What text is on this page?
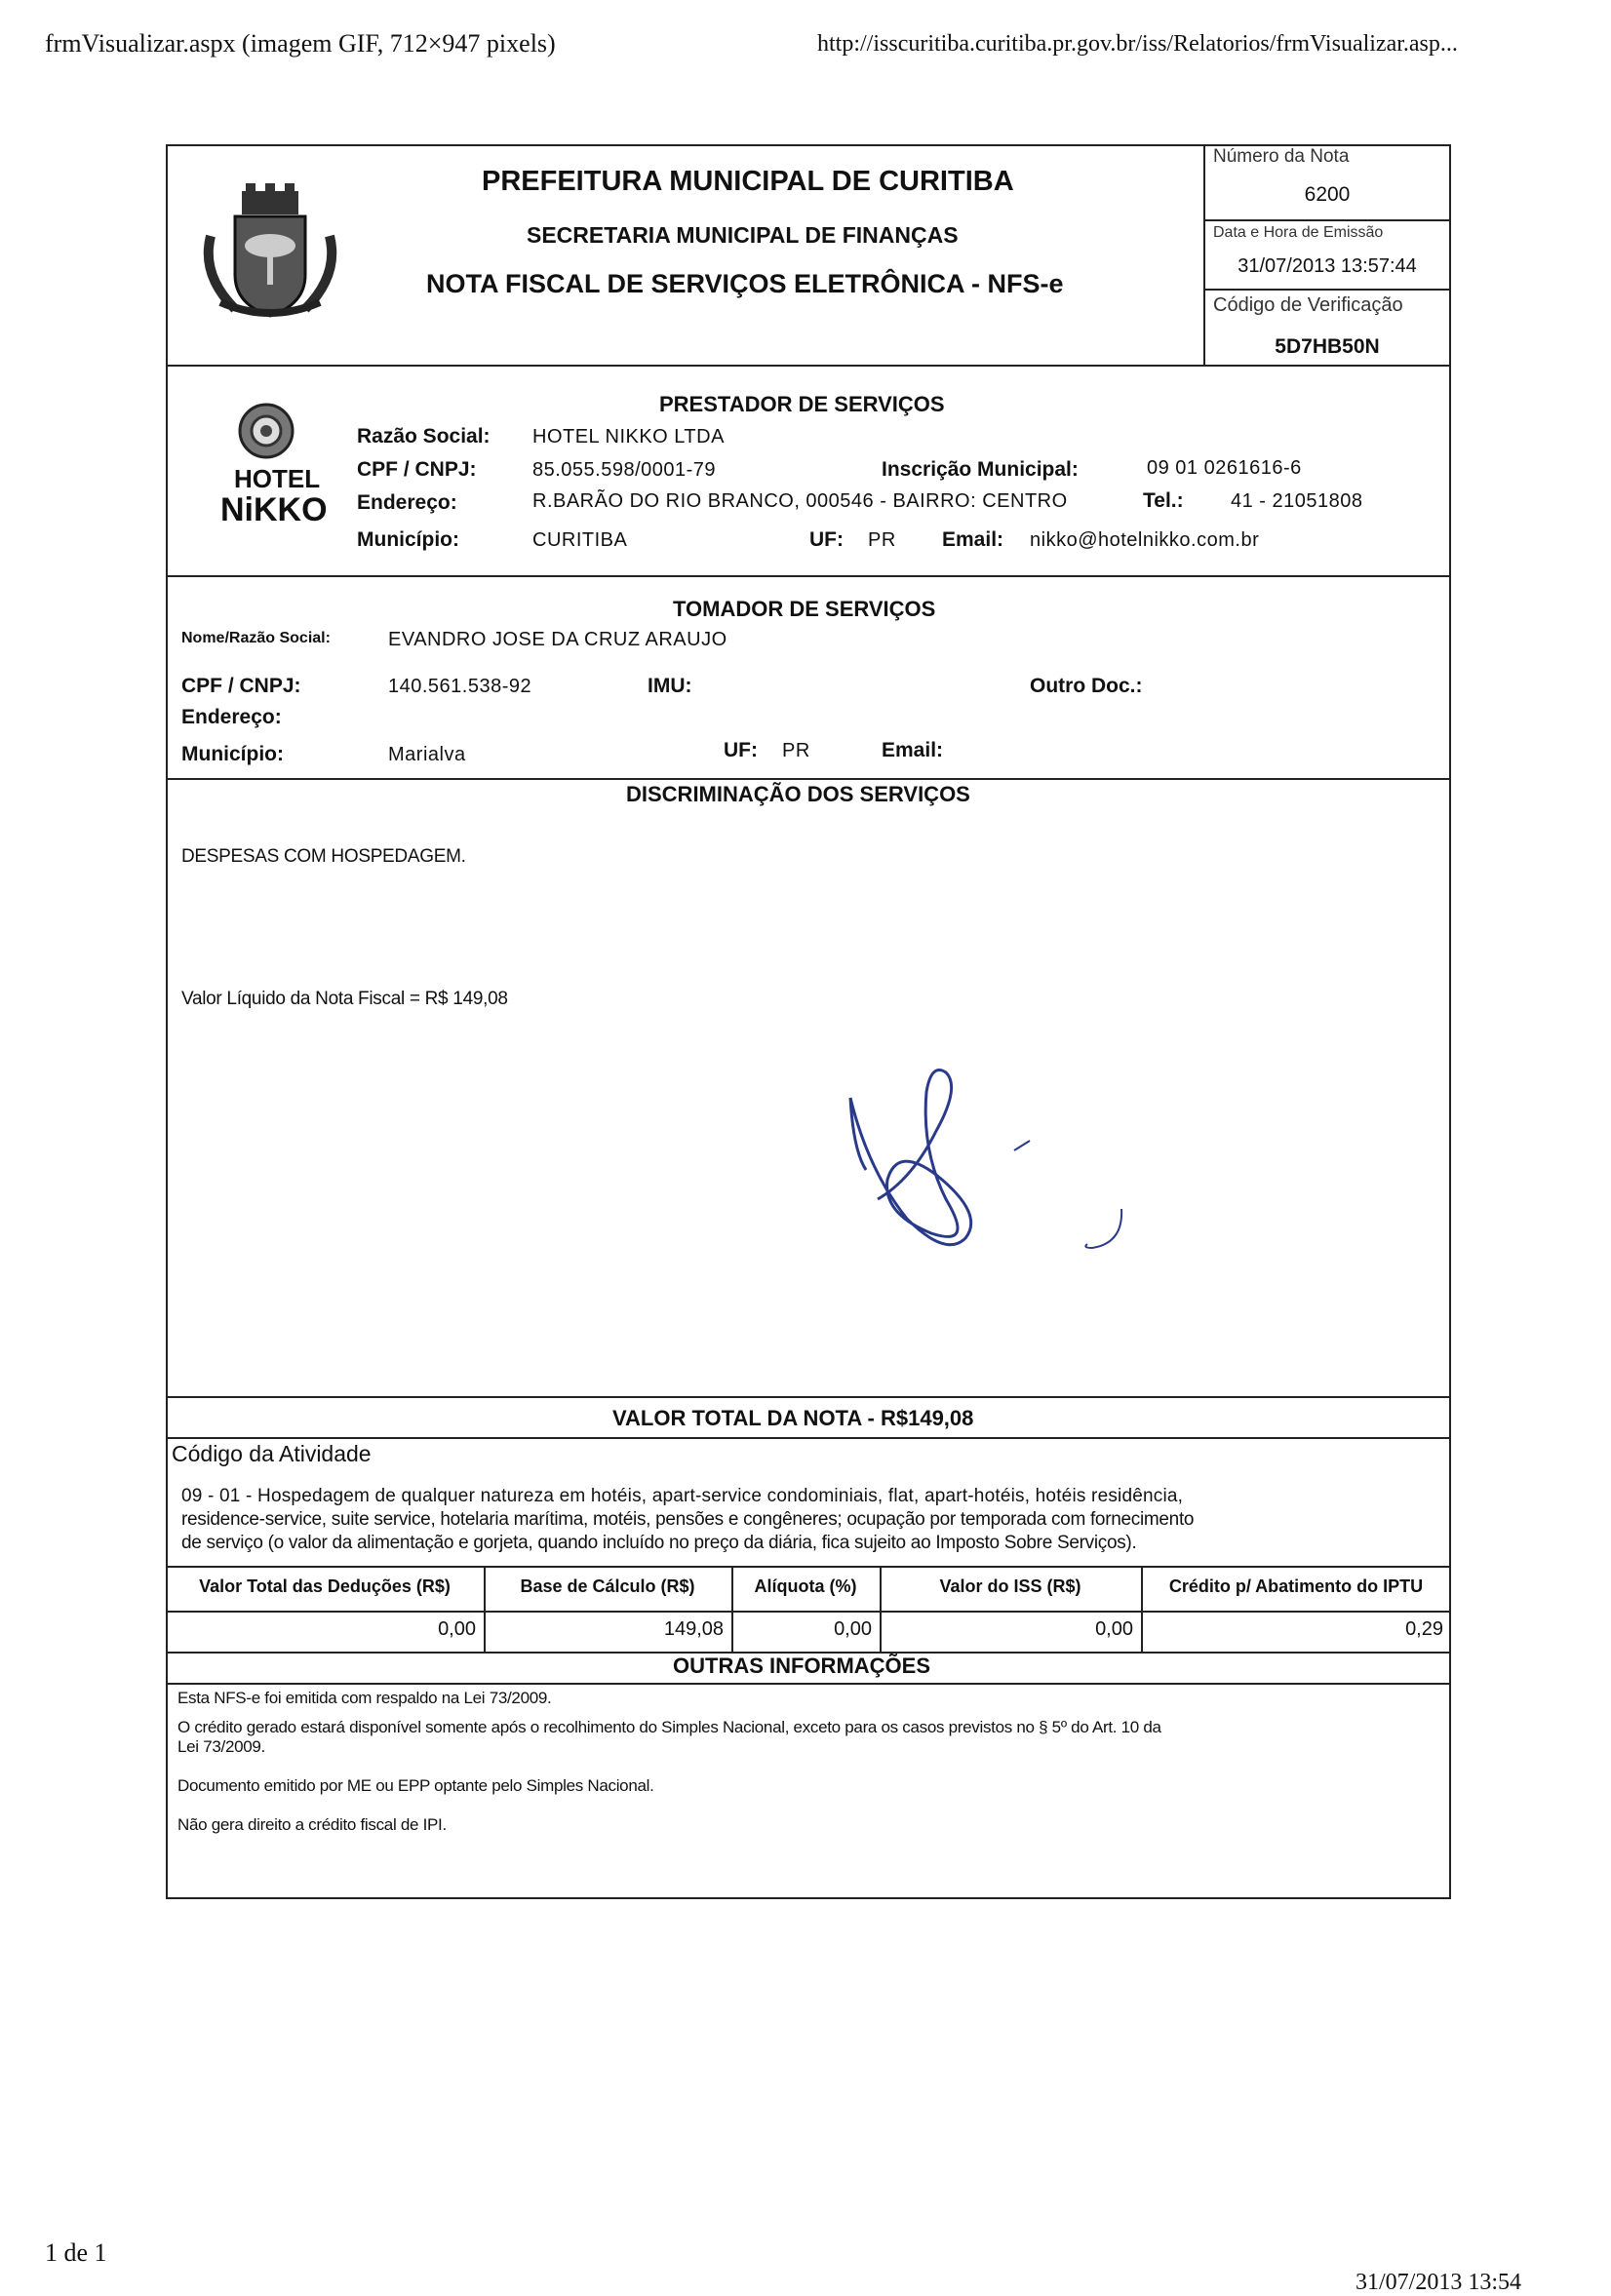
frmVisualizar.aspx (imagem GIF, 712×947 pixels)	http://isscuritiba.curitiba.pr.gov.br/iss/Relatorios/frmVisualizar.asp...
1 de 1
31/07/2013 13:54
PREFEITURA MUNICIPAL DE CURITIBA
SECRETARIA MUNICIPAL DE FINANÇAS
NOTA FISCAL DE SERVIÇOS ELETRÔNICA - NFS-e
Número da Nota
6200
Data e Hora de Emissão
31/07/2013 13:57:44
Código de Verificação
5D7HB50N
PRESTADOR DE SERVIÇOS
HOTEL
NiKKO
Razão Social: HOTEL NIKKO LTDA
CPF / CNPJ:	85.055.598/0001-79	Inscrição Municipal:	09 01 0261616-6
Endereço:	R.BARÃO DO RIO BRANCO, 000546 - BAIRRO: CENTRO	Tel.: 41 - 21051808
Município:	CURITIBA	UF: PR Email: nikko@hotelnikko.com.br
TOMADOR DE SERVIÇOS
Nome/Razão Social:	EVANDRO JOSE DA CRUZ ARAUJO
CPF / CNPJ:	140.561.538-92	IMU:	Outro Doc.:
Endereço:
Município:	Marialva	UF: PR	Email:
DISCRIMINAÇÃO DOS SERVIÇOS
DESPESAS COM HOSPEDAGEM.
Valor Líquido da Nota Fiscal = R$ 149,08
VALOR TOTAL DA NOTA - R$149,08
Código da Atividade
09 - 01 - Hospedagem de qualquer natureza em hotéis, apart-service condominiais, flat, apart-hotéis, hotéis residência,
residence-service, suite service, hotelaria marítima, motéis, pensões e congêneres; ocupação por temporada com fornecimento
de serviço (o valor da alimentação e gorjeta, quando incluído no preço da diária, fica sujeito ao Imposto Sobre Serviços).
Valor Total das Deduções (R$)	Base de Cálculo (R$)	Alíquota (%)	Valor do ISS (R$)	Crédito p/ Abatimento do IPTU
0,00	149,08	0,00	0,00	0,29
OUTRAS INFORMAÇÕES
Esta NFS-e foi emitida com respaldo na Lei 73/2009.
O crédito gerado estará disponível somente após o recolhimento do Simples Nacional, exceto para os casos previstos no § 5º do Art. 10 da
Lei 73/2009.
Documento emitido por ME ou EPP optante pelo Simples Nacional.
Não gera direito a crédito fiscal de IPI.
